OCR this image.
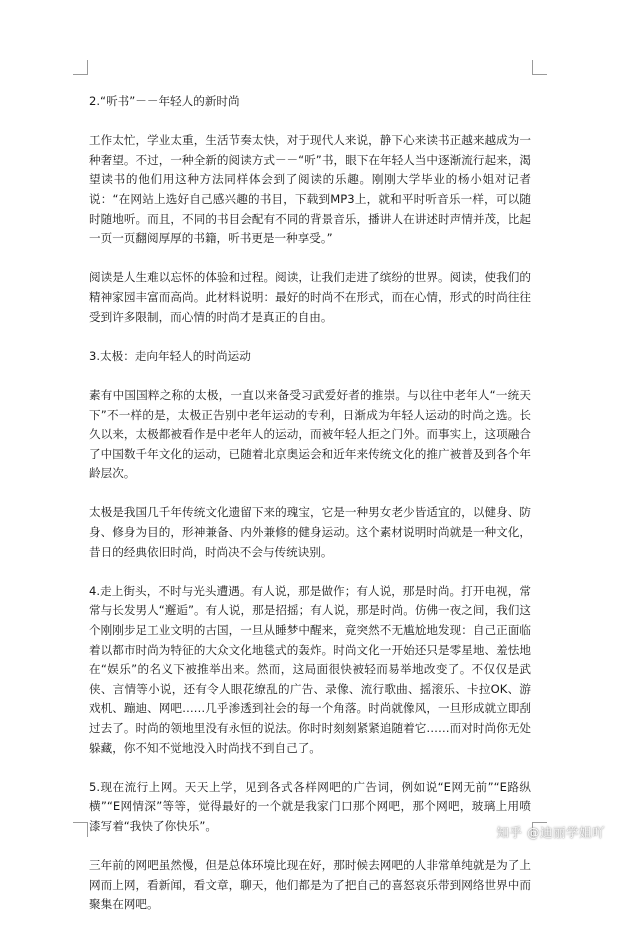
2.“听书”－－年轻人的新时尚

工作太忙，学业太重，生活节奏太快，对于现代人来说，静下心来读书正越来越成为一种奢望。不过，一种全新的阅读方式－－“听”书，眼下在年轻人当中逐渐流行起来，渴望读书的他们用这种方法同样体会到了阅读的乐趣。刚刚大学毕业的杨小姐对记者说：“在网站上选好自己感兴趣的书目，下载到MP3上，就和平时听音乐一样，可以随时随地听。而且，不同的书目会配有不同的背景音乐，播讲人在讲述时声情并茂，比起一页一页翻阅厚厚的书籍，听书更是一种享受。”

阅读是人生难以忘怀的体验和过程。阅读，让我们走进了缤纷的世界。阅读，使我们的精神家园丰富而高尚。此材料说明：最好的时尚不在形式，而在心情，形式的时尚往往受到许多限制，而心情的时尚才是真正的自由。

3.太极：走向年轻人的时尚运动

素有中国国粹之称的太极，一直以来备受习武爱好者的推崇。与以往中老年人“一统天下”不一样的是，太极正告别中老年运动的专利，日渐成为年轻人运动的时尚之选。长久以来，太极都被看作是中老年人的运动，而被年轻人拒之门外。而事实上，这项融合了中国数千年文化的运动，已随着北京奥运会和近年来传统文化的推广被普及到各个年龄层次。

太极是我国几千年传统文化遗留下来的瑰宝，它是一种男女老少皆适宜的，以健身、防身、修身为目的，形神兼备、内外兼修的健身运动。这个素材说明时尚就是一种文化，昔日的经典依旧时尚，时尚决不会与传统诀别。

4.走上街头，不时与光头遭遇。有人说，那是做作；有人说，那是时尚。打开电视，常常与长发男人“邂逅”。有人说，那是招摇；有人说，那是时尚。仿佛一夜之间，我们这个刚刚步足工业文明的古国，一旦从睡梦中醒来，竟突然不无尴尬地发现：自己正面临着以都市时尚为特征的大众文化地毯式的轰炸。时尚文化一开始还只是零星地、羞怯地在“娱乐”的名义下被推举出来。然而，这局面很快被轻而易举地改变了。不仅仅是武侠、言情等小说，还有令人眼花缭乱的广告、录像、流行歌曲、摇滚乐、卡拉OK、游戏机、蹦迪、网吧……几乎渗透到社会的每一个角落。时尚就像风，一旦形成就立即刮过去了。时尚的领地里没有永恒的说法。你时时刻刻紧紧追随着它……而对时尚你无处躲藏，你不知不觉地没入时尚找不到自己了。

5.现在流行上网。天天上学，见到各式各样网吧的广告词，例如说“E网无前”“E路纵横”“E网情深”等等，觉得最好的一个就是我家门口那个网吧，那个网吧，玻璃上用喷漆写着“我快了你快乐”。

三年前的网吧虽然慢，但是总体环境比现在好，那时候去网吧的人非常单纯就是为了上网而上网，看新闻，看文章，聊天，他们都是为了把自己的喜怒哀乐带到网络世界中而聚集在网吧。

知乎 @迪丽学姐吖
